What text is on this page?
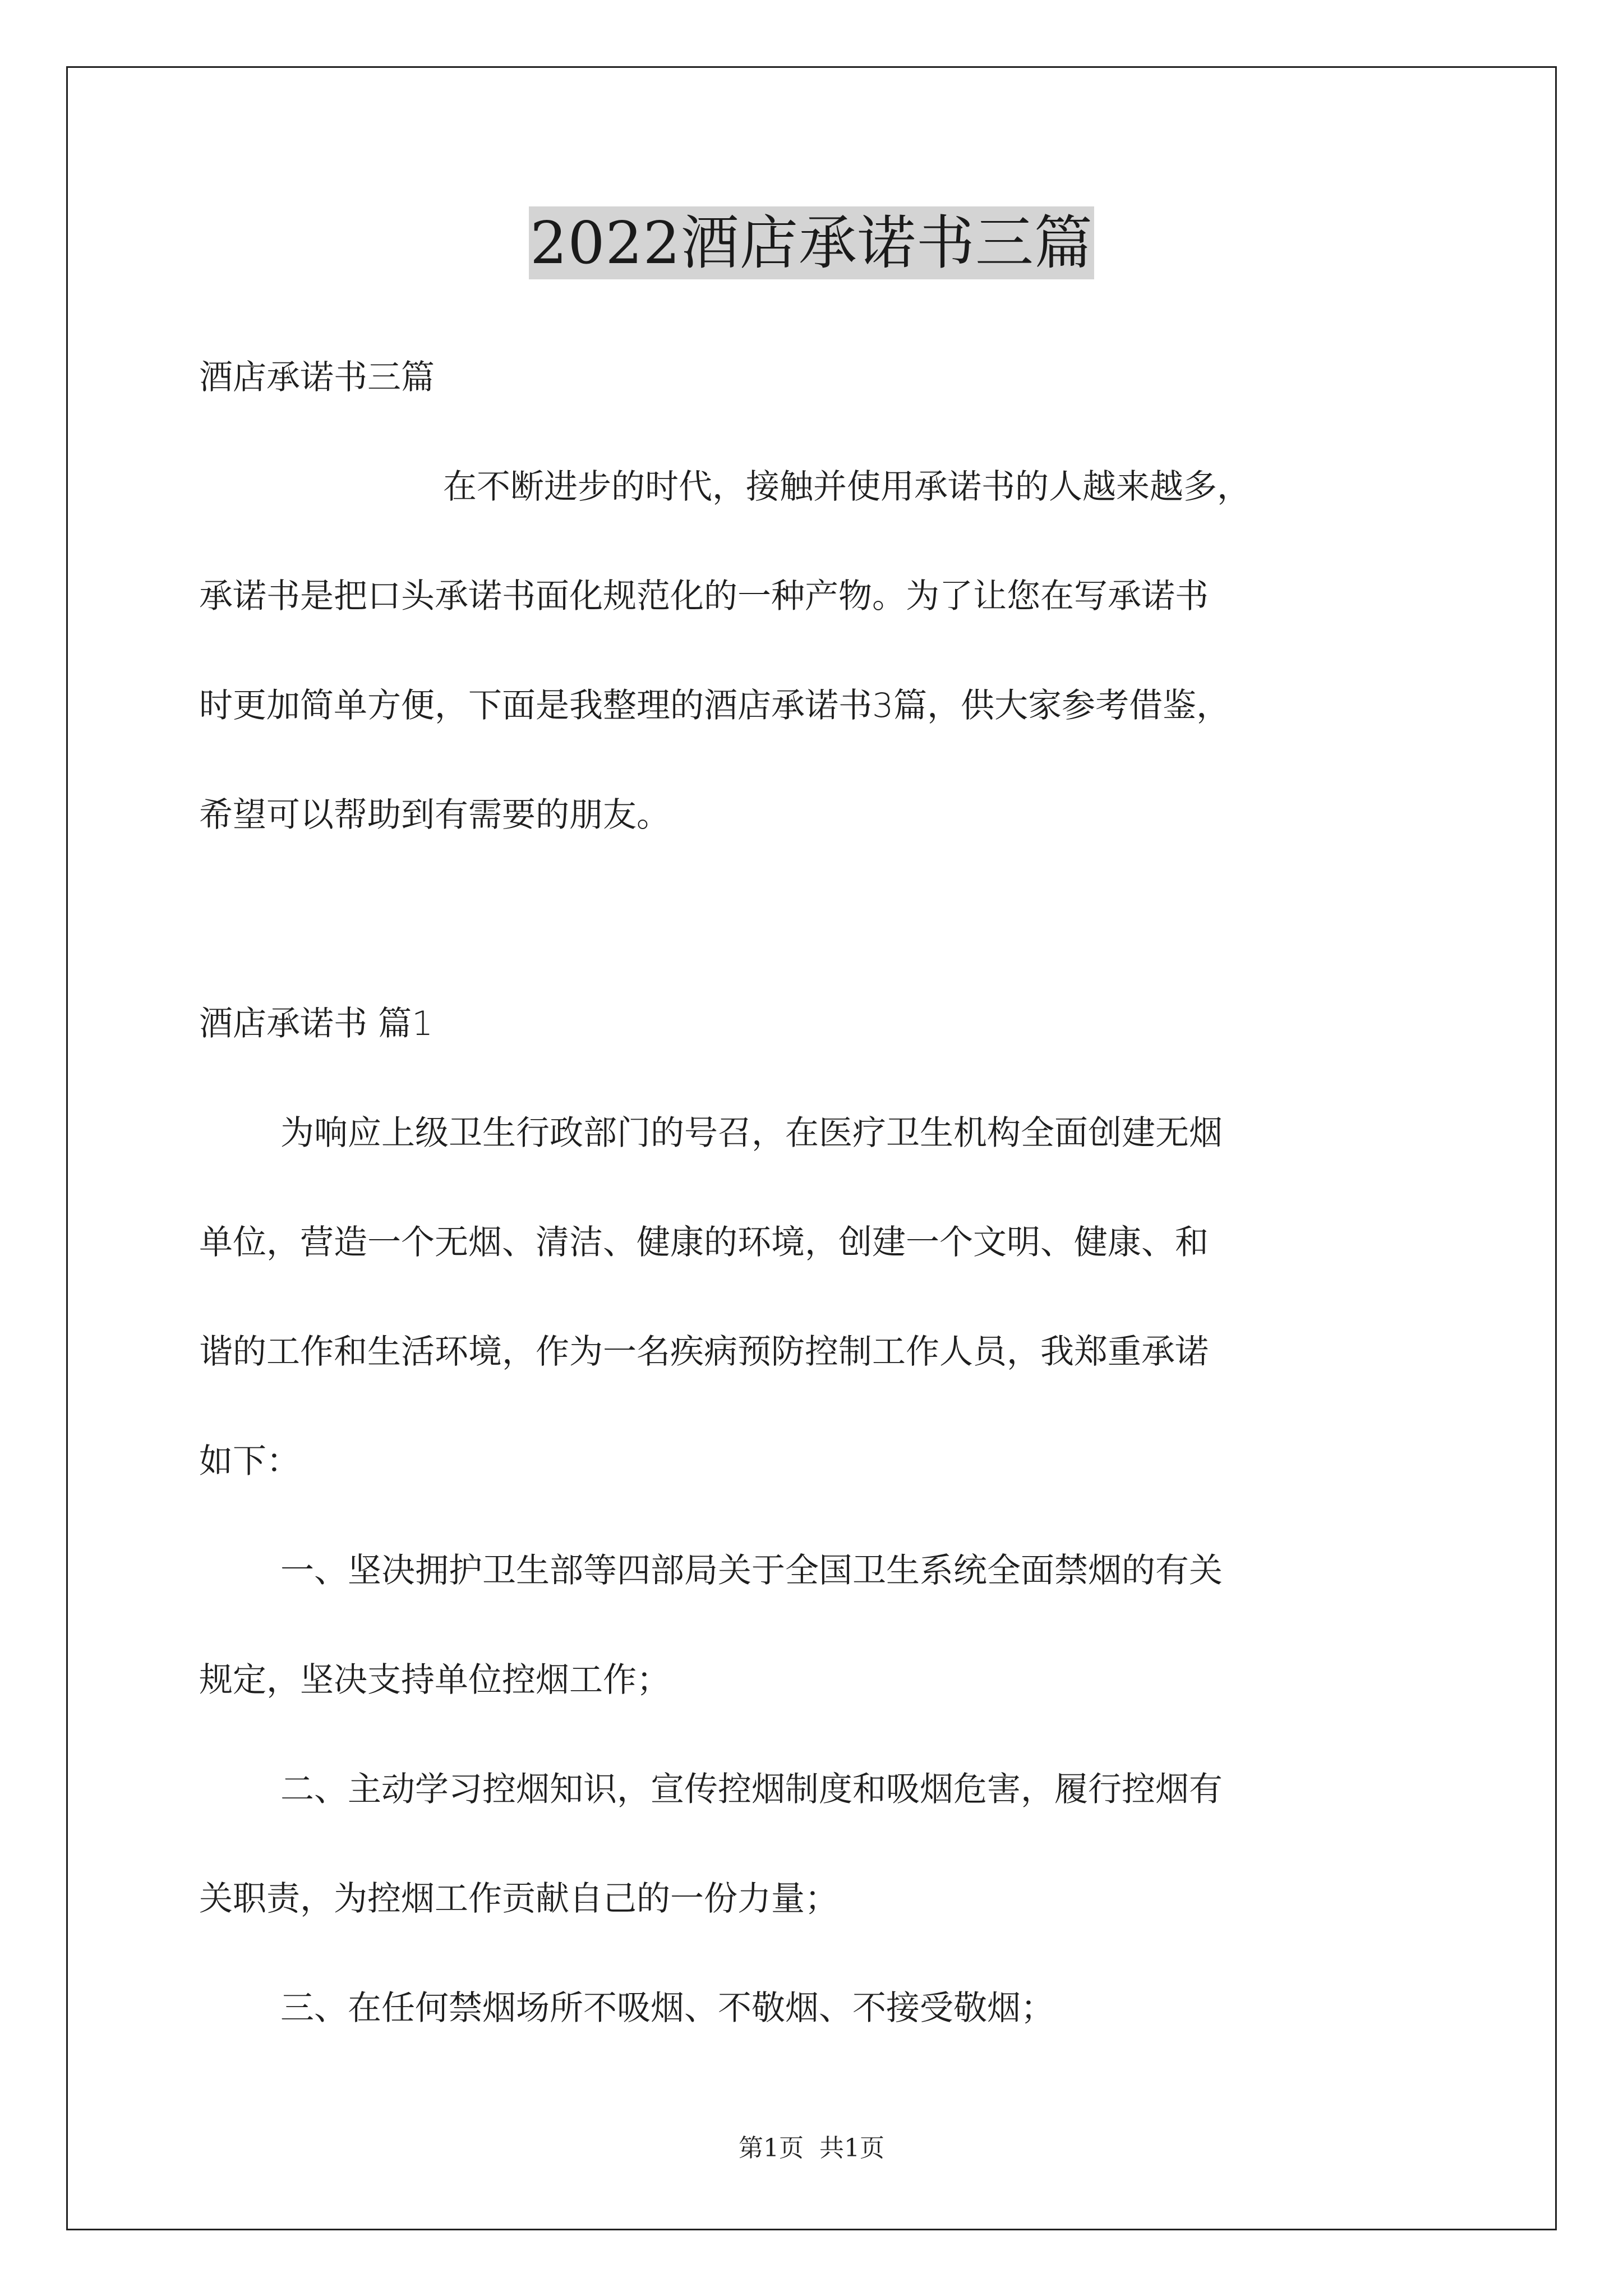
2022酒店承诺书三篇
酒店承诺书三篇
在不断进步的时代，接触并使用承诺书的人越来越多，
承诺书是把口头承诺书面化规范化的一种产物。为了让您在写承诺书
时更加简单方便，下面是我整理的酒店承诺书3篇，供大家参考借鉴，
希望可以帮助到有需要的朋友。
酒店承诺书 篇1
为响应上级卫生行政部门的号召，在医疗卫生机构全面创建无烟
单位，营造一个无烟、清洁、健康的环境，创建一个文明、健康、和
谐的工作和生活环境，作为一名疾病预防控制工作人员，我郑重承诺
如下：
一、坚决拥护卫生部等四部局关于全国卫生系统全面禁烟的有关
规定，坚决支持单位控烟工作；
二、主动学习控烟知识，宣传控烟制度和吸烟危害，履行控烟有
关职责，为控烟工作贡献自己的一份力量；
三、在任何禁烟场所不吸烟、不敬烟、不接受敬烟；
第1页 共1页
